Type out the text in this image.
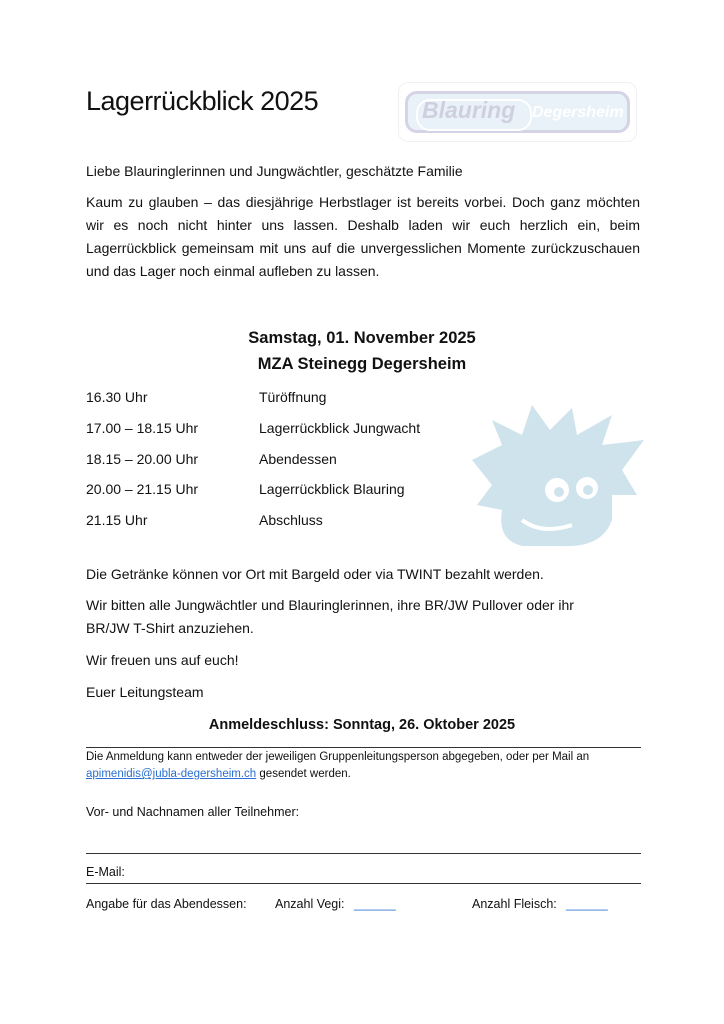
Lagerrückblick 2025	Blauring Degersheim
Liebe Blauringlerinnen und Jungwächtler, geschätzte Familie
Kaum zu glauben – das diesjährige Herbstlager ist bereits vorbei. Doch ganz möchten wir es noch nicht hinter uns lassen. Deshalb laden wir euch herzlich ein, beim Lagerrückblick gemeinsam mit uns auf die unvergesslichen Momente zurückzuschauen und das Lager noch einmal aufleben zu lassen.
Samstag, 01. November 2025
MZA Steinegg Degersheim
16.30 Uhr	Türöffnung
17.00 – 18.15 Uhr	Lagerrückblick Jungwacht
18.15 – 20.00 Uhr	Abendessen
20.00 – 21.15 Uhr	Lagerrückblick Blauring
21.15 Uhr	Abschluss
Die Getränke können vor Ort mit Bargeld oder via TWINT bezahlt werden.
Wir bitten alle Jungwächtler und Blauringlerinnen, ihre BR/JW Pullover oder ihr
BR/JW T-Shirt anzuziehen.
Wir freuen uns auf euch!
Euer Leitungsteam
Anmeldeschluss: Sonntag, 26. Oktober 2025
Die Anmeldung kann entweder der jeweiligen Gruppenleitungsperson abgegeben, oder per Mail an
apimenidis@jubla-degersheim.ch gesendet werden.
Vor- und Nachnamen aller Teilnehmer:
E-Mail:
Angabe für das Abendessen: Anzahl Vegi: ______	Anzahl Fleisch: ______
